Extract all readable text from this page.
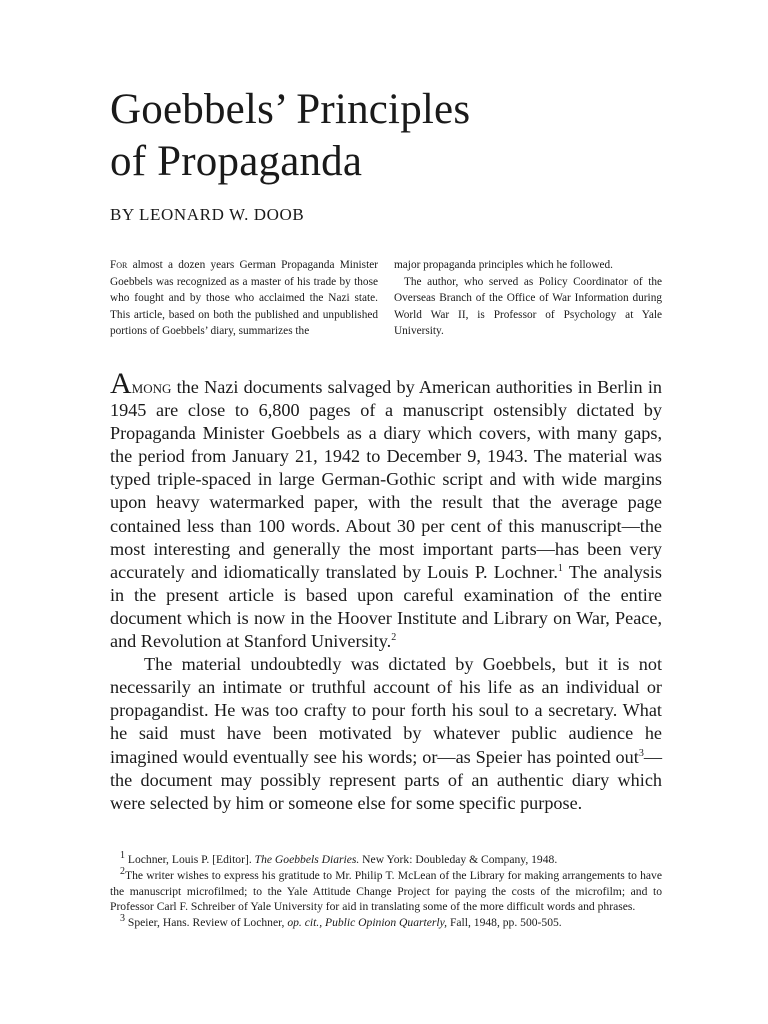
Goebbels’ Principles
of Propaganda
BY LEONARD W. DOOB

For almost a dozen years German Propaganda Minister Goebbels was recognized as a master of his trade by those who fought and by those who acclaimed the Nazi state. This article, based on both the published and unpublished portions of Goebbels’ diary, summarizes the

major propaganda principles which he followed.

The author, who served as Policy Coordinator of the Overseas Branch of the Office of War Information during World War II, is Professor of Psychology at Yale University.

Among the Nazi documents salvaged by American authorities in Berlin in 1945 are close to 6,800 pages of a manuscript ostensibly dictated by Propaganda Minister Goebbels as a diary which covers, with many gaps, the period from January 21, 1942 to December 9, 1943. The material was typed triple-spaced in large German-Gothic script and with wide margins upon heavy watermarked paper, with the result that the average page contained less than 100 words. About 30 per cent of this manuscript—the most interesting and generally the most important parts—has been very accurately and idiomatically translated by Louis P. Lochner.$^1$ The analysis in the present article is based upon careful examination of the entire document which is now in the Hoover Institute and Library on War, Peace, and Revolution at Stanford University.$^2$

The material undoubtedly was dictated by Goebbels, but it is not necessarily an intimate or truthful account of his life as an individual or propagandist. He was too crafty to pour forth his soul to a secretary. What he said must have been motivated by whatever public audience he imagined would eventually see his words; or—as Speier has pointed out$^3$—the document may possibly represent parts of an authentic diary which were selected by him or someone else for some specific purpose.

$^1$ Lochner, Louis P. [Editor]. The Goebbels Diaries. New York: Doubleday & Company, 1948.

$^2$The writer wishes to express his gratitude to Mr. Philip T. McLean of the Library for making arrangements to have the manuscript microfilmed; to the Yale Attitude Change Project for paying the costs of the microfilm; and to Professor Carl F. Schreiber of Yale University for aid in translating some of the more difficult words and phrases.

$^3$ Speier, Hans. Review of Lochner, op. cit., Public Opinion Quarterly, Fall, 1948, pp. 500-505.
